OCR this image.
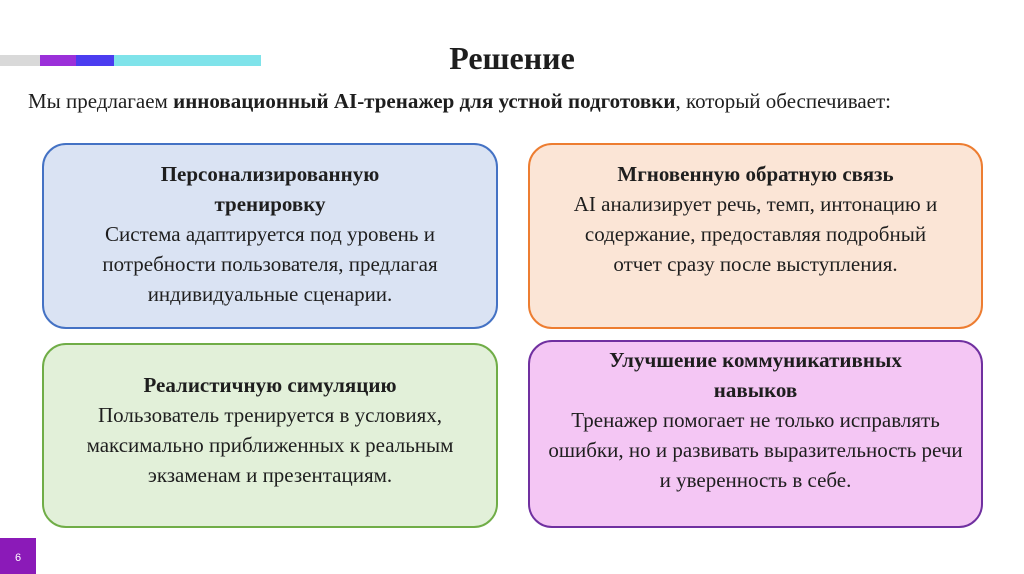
Решение
Мы предлагаем инновационный AI-тренажер для устной подготовки, который обеспечивает:
Персонализированную тренировку
Система адаптируется под уровень и потребности пользователя, предлагая индивидуальные сценарии.
Мгновенную обратную связь
AI анализирует речь, темп, интонацию и содержание, предоставляя подробный отчет сразу после выступления.
Реалистичную симуляцию
Пользователь тренируется в условиях, максимально приближенных к реальным экзаменам и презентациям.
Улучшение коммуникативных навыков
Тренажер помогает не только исправлять ошибки, но и развивать выразительность речи и уверенность в себе.
6
